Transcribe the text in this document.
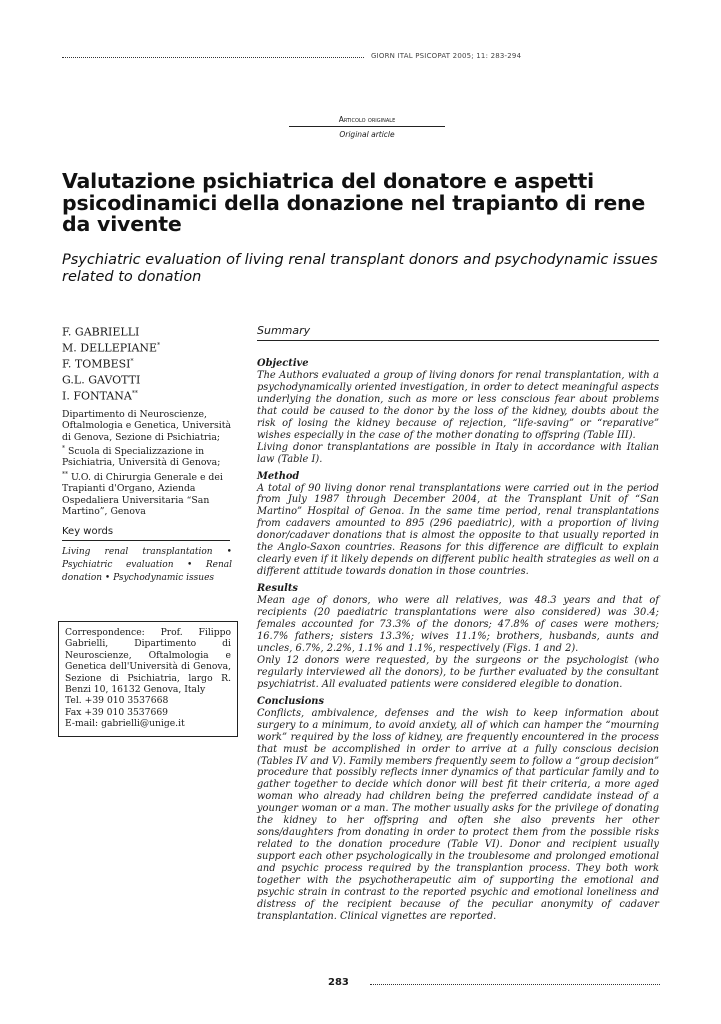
GIORN ITAL PSICOPAT 2005; 11: 283-294
Articolo originale
Original article
Valutazione psichiatrica del donatore e aspetti psicodinamici della donazione nel trapianto di rene da vivente
Psychiatric evaluation of living renal transplant donors and psychodynamic issues related to donation
F. GABRIELLI
M. DELLEPIANE*
F. TOMBESI*
G.L. GAVOTTI
I. FONTANA**
Dipartimento di Neuroscienze, Oftalmologia e Genetica, Università di Genova, Sezione di Psichiatria;
* Scuola di Specializzazione in Psichiatria, Università di Genova;
** U.O. di Chirurgia Generale e dei Trapianti d'Organo, Azienda Ospedaliera Universitaria “San Martino”, Genova
Key words
Living renal transplantation • Psychiatric evaluation • Renal donation • Psychodynamic issues
Correspondence: Prof. Filippo Gabrielli, Dipartimento di Neuroscienze, Oftalmologia e Genetica dell'Università di Genova, Sezione di Psichiatria, largo R. Benzi 10, 16132 Genova, Italy
Tel. +39 010 3537668
Fax +39 010 3537669
E-mail: gabrielli@unige.it
Summary
Objective

The Authors evaluated a group of living donors for renal transplantation, with a psychodynamically oriented investigation, in order to detect meaningful aspects underlying the donation, such as more or less conscious fear about problems that could be caused to the donor by the loss of the kidney, doubts about the risk of losing the kidney because of rejection, “life-saving” or “reparative” wishes especially in the case of the mother donating to offspring (Table III).

Living donor transplantations are possible in Italy in accordance with Italian law (Table I).

Method

A total of 90 living donor renal transplantations were carried out in the period from July 1987 through December 2004, at the Transplant Unit of “San Martino” Hospital of Genoa. In the same time period, renal transplantations from cadavers amounted to 895 (296 paediatric), with a proportion of living donor/cadaver donations that is almost the opposite to that usually reported in the Anglo-Saxon countries. Reasons for this difference are difficult to explain clearly even if it likely depends on different public health strategies as well on a different attitude towards donation in those countries.

Results

Mean age of donors, who were all relatives, was 48.3 years and that of recipients (20 paediatric transplantations were also considered) was 30.4; females accounted for 73.3% of the donors; 47.8% of cases were mothers; 16.7% fathers; sisters 13.3%; wives 11.1%; brothers, husbands, aunts and uncles, 6.7%, 2.2%, 1.1% and 1.1%, respectively (Figs. 1 and 2).

Only 12 donors were requested, by the surgeons or the psychologist (who regularly interviewed all the donors), to be further evaluated by the consultant psychiatrist. All evaluated patients were considered elegible to donation.

Conclusions

Conflicts, ambivalence, defenses and the wish to keep information about surgery to a minimum, to avoid anxiety, all of which can hamper the “mourning work” required by the loss of kidney, are frequently encountered in the process that must be accomplished in order to arrive at a fully conscious decision (Tables IV and V). Family members frequently seem to follow a “group decision” procedure that possibly reflects inner dynamics of that particular family and to gather together to decide which donor will best fit their criteria, a more aged woman who already had children being the preferred candidate instead of a younger woman or a man. The mother usually asks for the privilege of donating the kidney to her offspring and often she also prevents her other sons/daughters from donating in order to protect them from the possible risks related to the donation procedure (Table VI). Donor and recipient usually support each other psychologically in the troublesome and prolonged emotional and psychic process required by the transplantion process. They both work together with the psychotherapeutic aim of supporting the emotional and psychic strain in contrast to the reported psychic and emotional loneliness and distress of the recipient because of the peculiar anonymity of cadaver transplantation. Clinical vignettes are reported.

283
